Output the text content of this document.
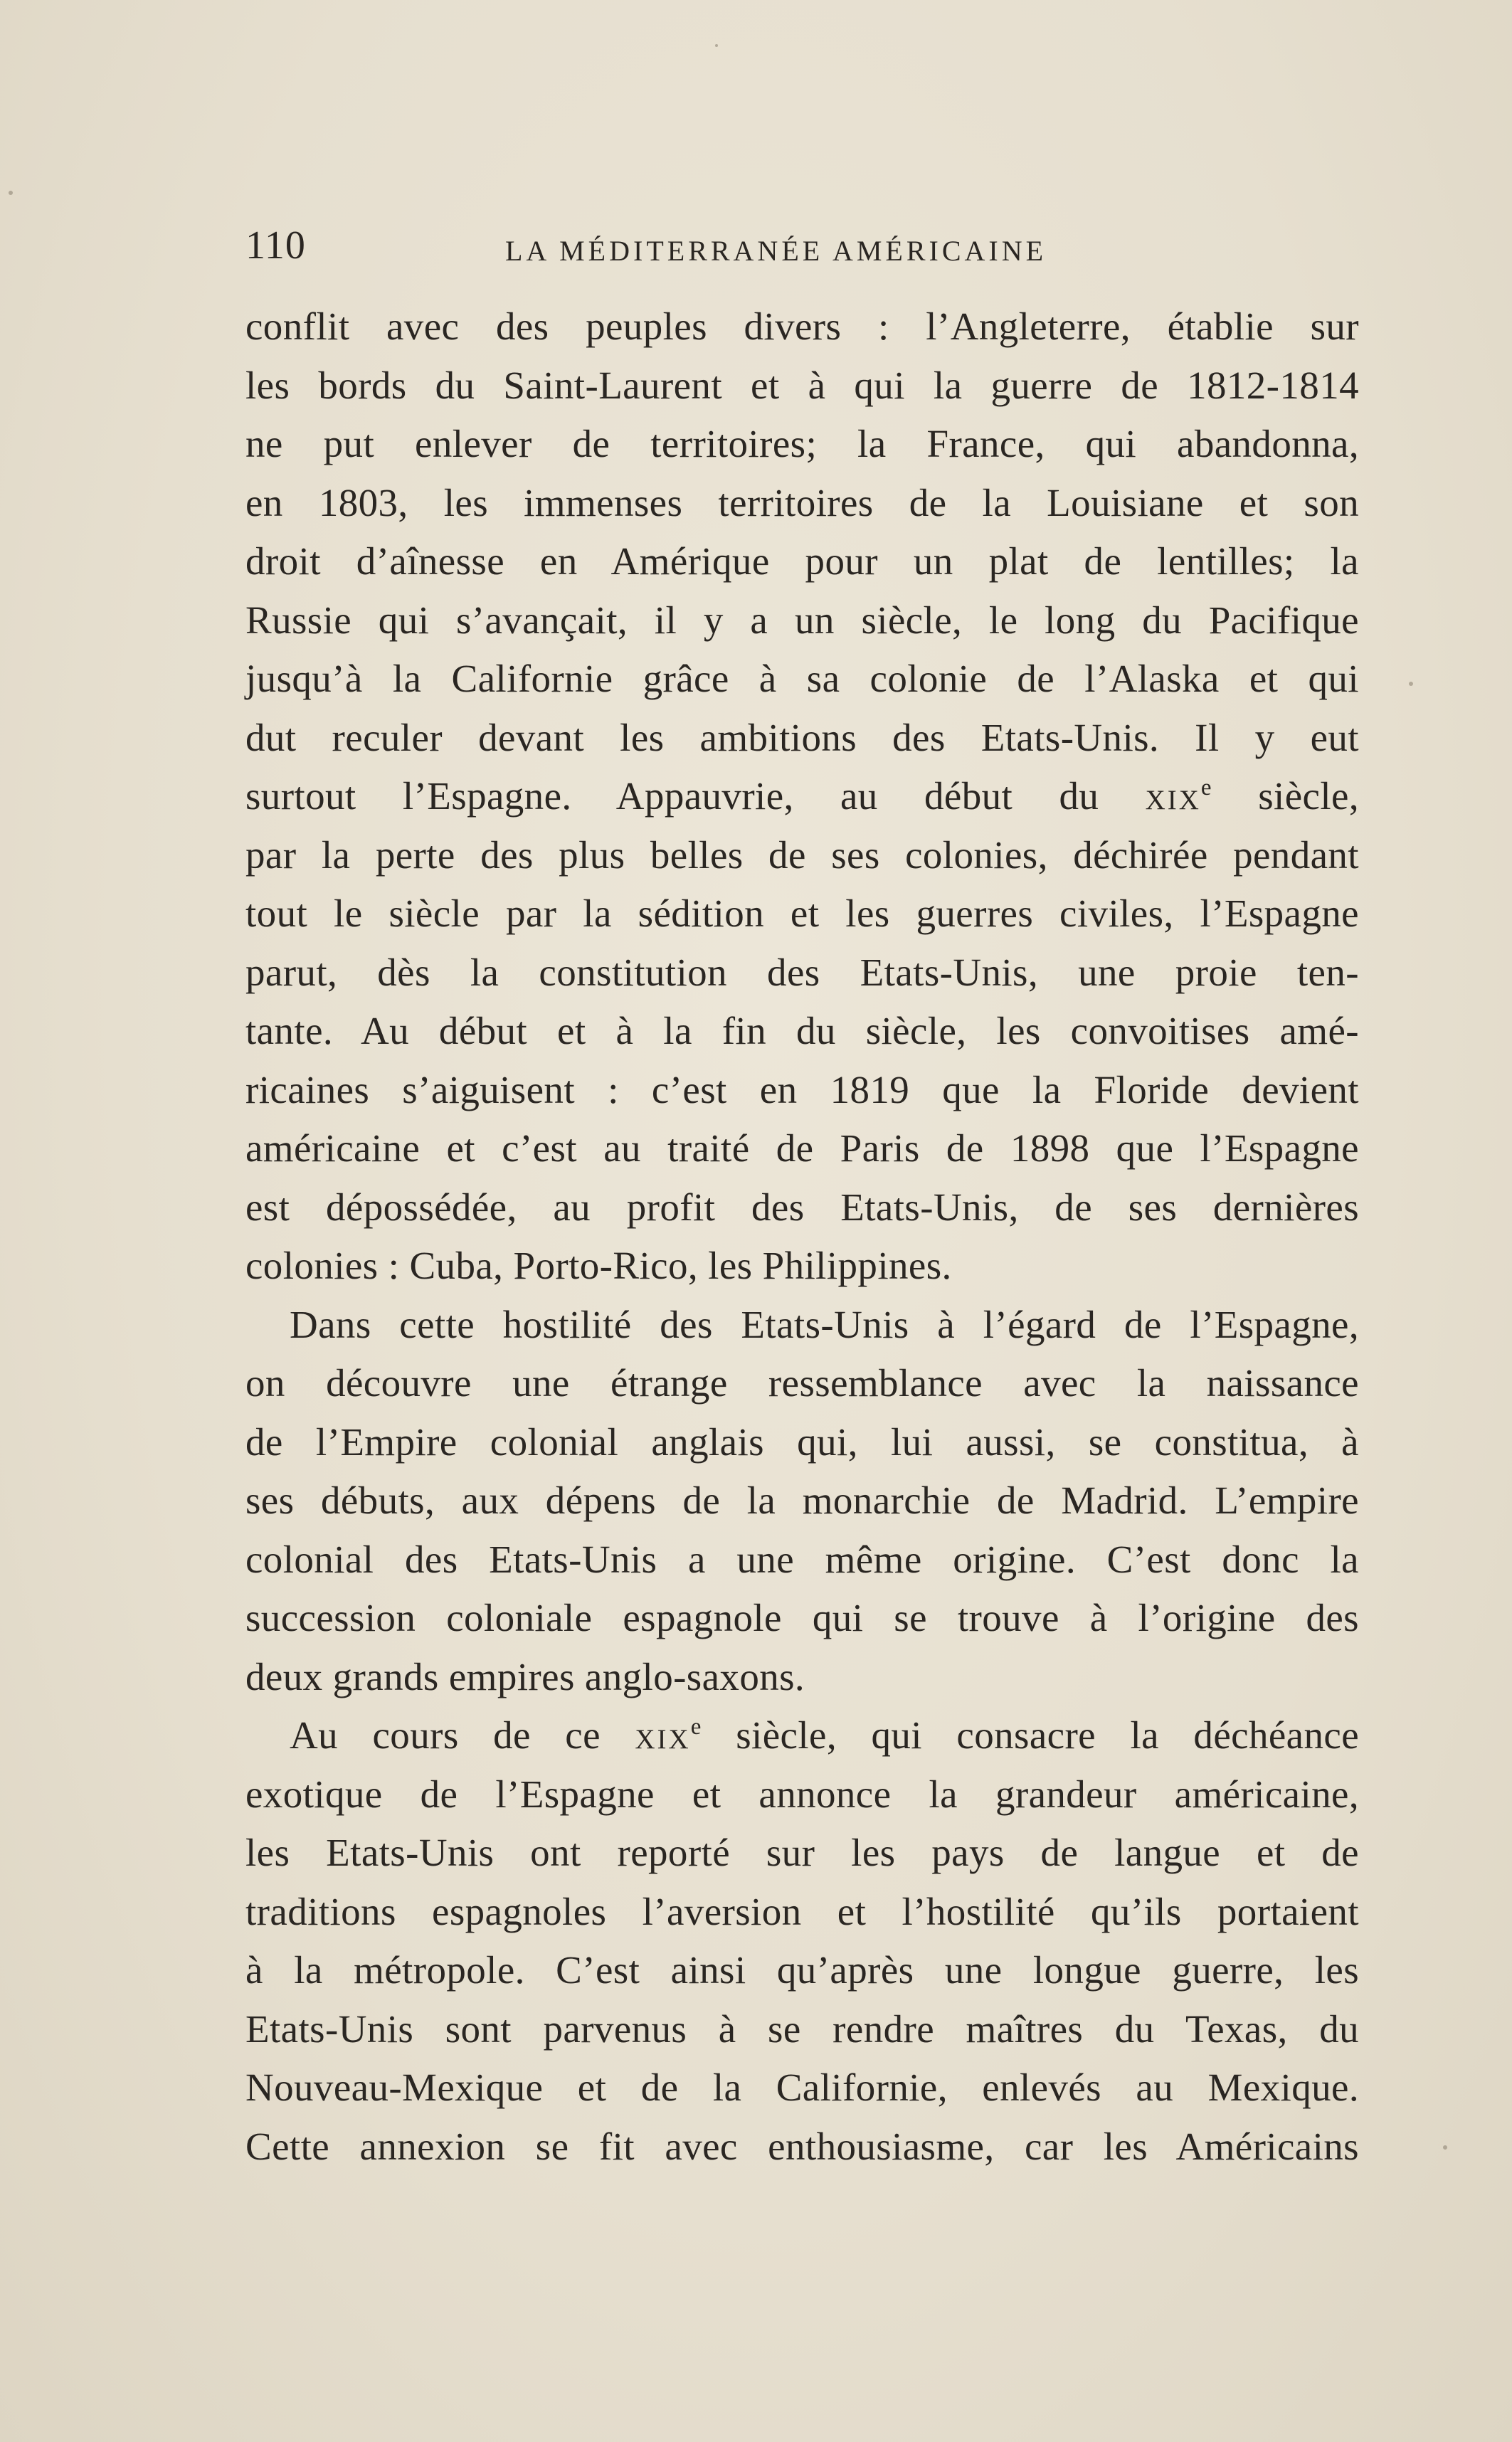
110	LA MÉDITERRANÉE AMÉRICAINE
conflit avec des peuples divers : l’Angleterre, établie sur
les bords du Saint-Laurent et à qui la guerre de 1812-1814
ne put enlever de territoires; la France, qui abandonna,
en 1803, les immenses territoires de la Louisiane et son
droit d’aînesse en Amérique pour un plat de lentilles; la
Russie qui s’avançait, il y a un siècle, le long du Pacifique
jusqu’à la Californie grâce à sa colonie de l’Alaska et qui
dut reculer devant les ambitions des Etats-Unis. Il y eut
surtout l’Espagne. Appauvrie, au début du xix$^e$ siècle,
par la perte des plus belles de ses colonies, déchirée pendant
tout le siècle par la sédition et les guerres civiles, l’Espagne
parut, dès la constitution des Etats-Unis, une proie ten-
tante. Au début et à la fin du siècle, les convoitises amé-
ricaines s’aiguisent : c’est en 1819 que la Floride devient
américaine et c’est au traité de Paris de 1898 que l’Espagne
est dépossédée, au profit des Etats-Unis, de ses dernières
colonies : Cuba, Porto-Rico, les Philippines.
Dans cette hostilité des Etats-Unis à l’égard de l’Espagne,
on découvre une étrange ressemblance avec la naissance
de l’Empire colonial anglais qui, lui aussi, se constitua, à
ses débuts, aux dépens de la monarchie de Madrid. L’empire
colonial des Etats-Unis a une même origine. C’est donc la
succession coloniale espagnole qui se trouve à l’origine des
deux grands empires anglo-saxons.
Au cours de ce xix$^e$ siècle, qui consacre la déchéance
exotique de l’Espagne et annonce la grandeur américaine,
les Etats-Unis ont reporté sur les pays de langue et de
traditions espagnoles l’aversion et l’hostilité qu’ils portaient
à la métropole. C’est ainsi qu’après une longue guerre, les
Etats-Unis sont parvenus à se rendre maîtres du Texas, du
Nouveau-Mexique et de la Californie, enlevés au Mexique.
Cette annexion se fit avec enthousiasme, car les Américains
